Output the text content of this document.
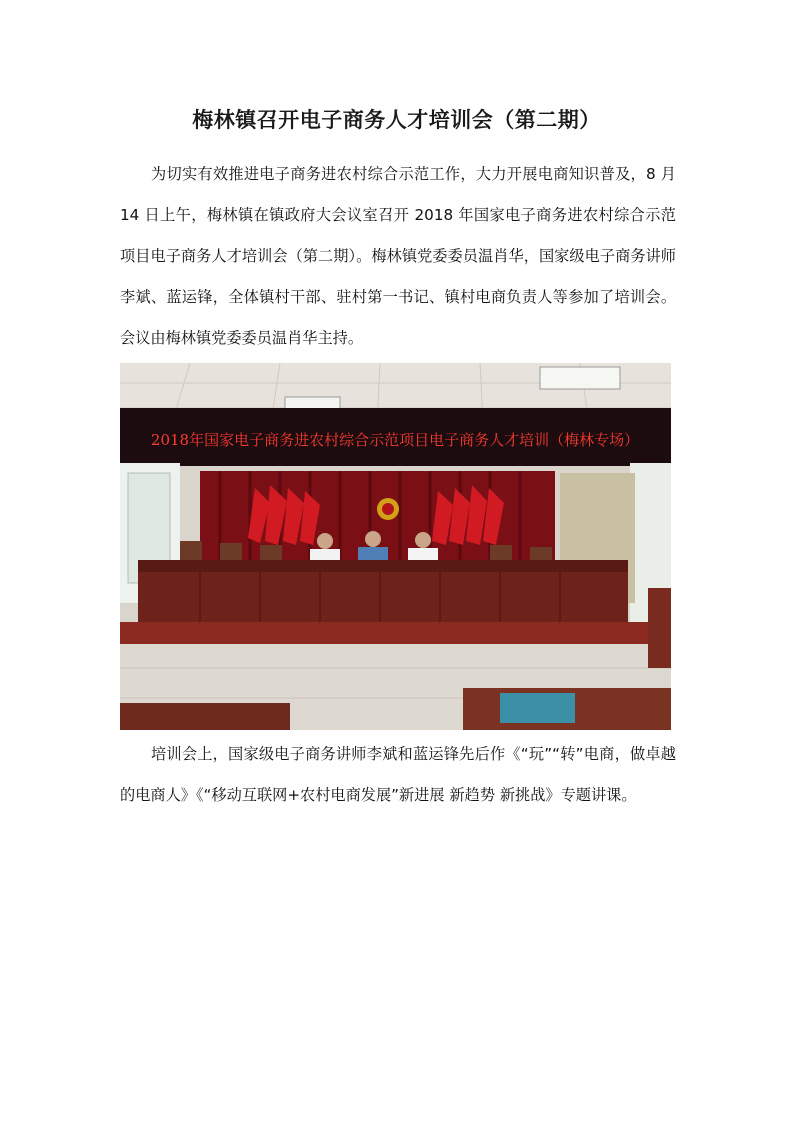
梅林镇召开电子商务人才培训会（第二期）

为切实有效推进电子商务进农村综合示范工作，大力开展电商知识普及，8 月 14 日上午，梅林镇在镇政府大会议室召开 2018 年国家电子商务进农村综合示范项目电子商务人才培训会（第二期）。梅林镇党委委员温肖华，国家级电子商务讲师李斌、蓝运锋，全体镇村干部、驻村第一书记、镇村电商负责人等参加了培训会。会议由梅林镇党委委员温肖华主持。

2018年国家电子商务进农村综合示范项目电子商务人才培训（梅林专场）

培训会上，国家级电子商务讲师李斌和蓝运锋先后作《“玩”“转”电商，做卓越的电商人》《“移动互联网+农村电商发展”新进展 新趋势 新挑战》专题讲课。
